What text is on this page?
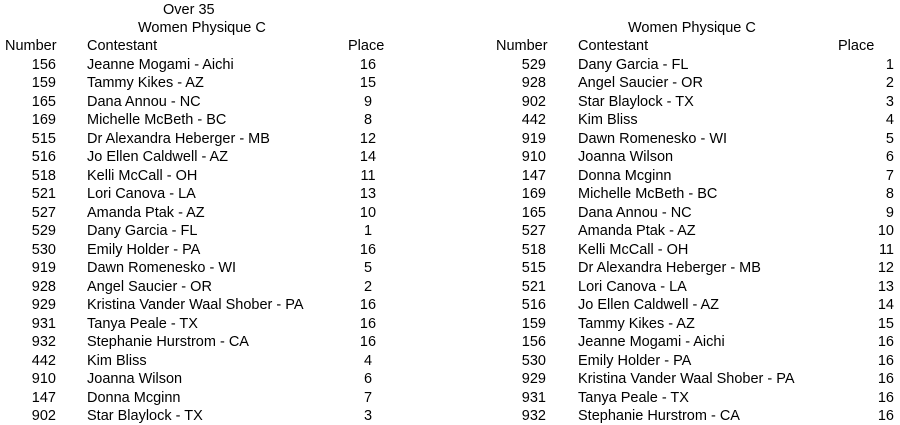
Over 35
Women Physique C	Women Physique C
Number Contestant	Place	Number Contestant	Place
156 Jeanne Mogami - Aichi	16
159 Tammy Kikes - AZ	15
165 Dana Annou - NC	9
169 Michelle McBeth - BC	8
515 Dr Alexandra Heberger - MB	12
516 Jo Ellen Caldwell - AZ	14
518 Kelli McCall - OH	11
521 Lori Canova - LA	13
527 Amanda Ptak - AZ	10
529 Dany Garcia - FL	1
530 Emily Holder - PA	16
919 Dawn Romenesko - WI	5
928 Angel Saucier - OR	2
929 Kristina Vander Waal Shober - PA	16
931 Tanya Peale - TX	16
932 Stephanie Hurstrom - CA	16
442 Kim Bliss	4
910 Joanna Wilson	6
147 Donna Mcginn	7
902 Star Blaylock - TX	3
529 Dany Garcia - FL	1
928 Angel Saucier - OR	2
902 Star Blaylock - TX	3
442 Kim Bliss	4
919 Dawn Romenesko - WI	5
910 Joanna Wilson	6
147 Donna Mcginn	7
169 Michelle McBeth - BC	8
165 Dana Annou - NC	9
527 Amanda Ptak - AZ	10
518 Kelli McCall - OH	11
515 Dr Alexandra Heberger - MB	12
521 Lori Canova - LA	13
516 Jo Ellen Caldwell - AZ	14
159 Tammy Kikes - AZ	15
156 Jeanne Mogami - Aichi	16
530 Emily Holder - PA	16
929 Kristina Vander Waal Shober - PA	16
931 Tanya Peale - TX	16
932 Stephanie Hurstrom - CA	16
